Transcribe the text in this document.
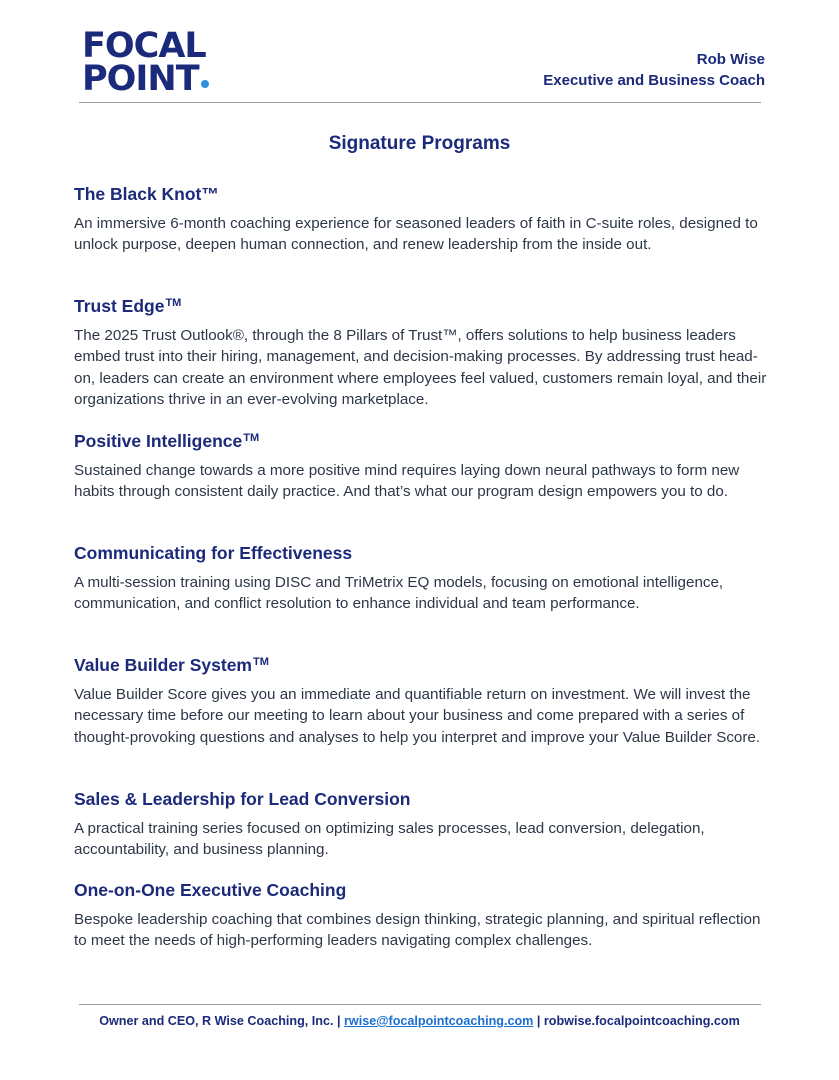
FOCAL
POINT	Rob Wise
Executive and Business Coach
Signature Programs
The Black Knot™

An immersive 6-month coaching experience for seasoned leaders of faith in C-suite roles, designed to unlock purpose, deepen human connection, and renew leadership from the inside out.

Trust Edge™

The 2025 Trust Outlook®, through the 8 Pillars of Trust™, offers solutions to help business leaders embed trust into their hiring, management, and decision-making processes. By addressing trust head-on, leaders can create an environment where employees feel valued, customers remain loyal, and their organizations thrive in an ever-evolving marketplace.

Positive Intelligence™

Sustained change towards a more positive mind requires laying down neural pathways to form new habits through consistent daily practice. And that’s what our program design empowers you to do.

Communicating for Effectiveness

A multi-session training using DISC and TriMetrix EQ models, focusing on emotional intelligence, communication, and conflict resolution to enhance individual and team performance.

Value Builder System™

Value Builder Score gives you an immediate and quantifiable return on investment. We will invest the necessary time before our meeting to learn about your business and come prepared with a series of thought-provoking questions and analyses to help you interpret and improve your Value Builder Score.

Sales & Leadership for Lead Conversion

A practical training series focused on optimizing sales processes, lead conversion, delegation, accountability, and business planning.

One-on-One Executive Coaching

Bespoke leadership coaching that combines design thinking, strategic planning, and spiritual reflection to meet the needs of high-performing leaders navigating complex challenges.

Owner and CEO, R Wise Coaching, Inc. | rwise@focalpointcoaching.com | robwise.focalpointcoaching.com
